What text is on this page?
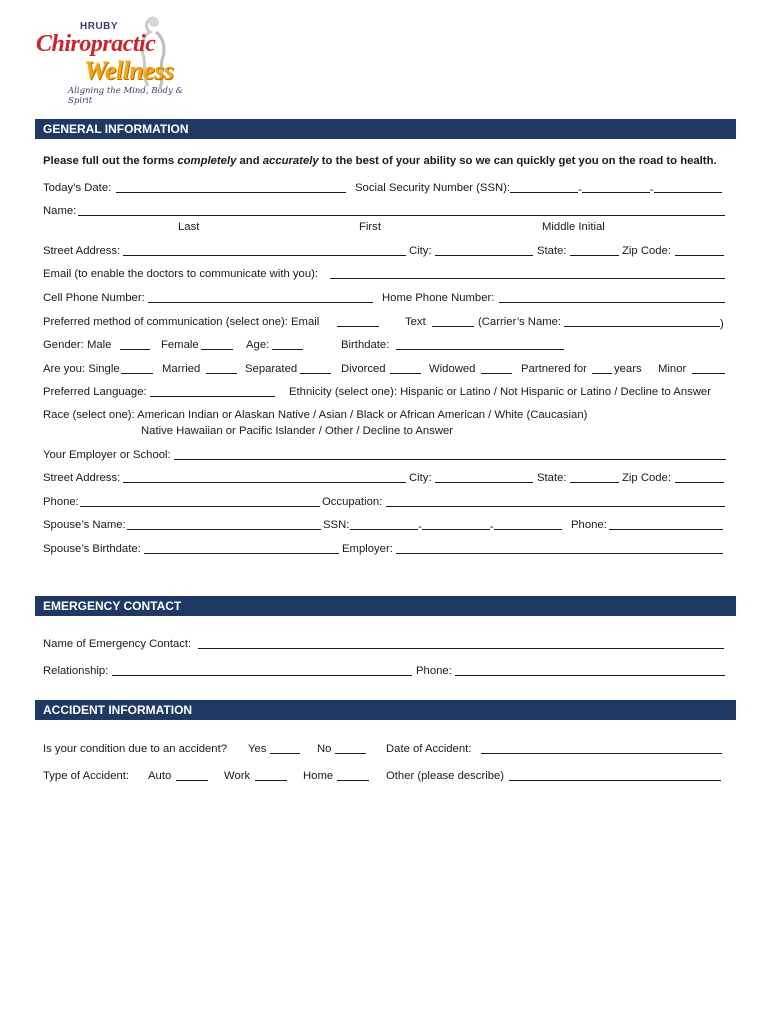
HRUBY
Chiropractic
Wellness
Aligning the Mind, Body & Spirit
GENERAL INFORMATION
Please full out the forms completely and accurately to the best of your ability so we can quickly get you on the road to health.
Today’s Date:	Social Security Number (SSN):	-	-
Name:
Last	First	Middle Initial
Street Address:	City:	State:	Zip Code:
Email (to enable the doctors to communicate with you):
Cell Phone Number:	Home Phone Number:
Preferred method of communication (select one): Email	Text	(Carrier’s Name:	)
Gender: Male	Female	Age:	Birthdate:
Are you: Single	Married	Separated	Divorced	Widowed	Partnered for years Minor
Preferred Language:	Ethnicity (select one): Hispanic or Latino / Not Hispanic or Latino / Decline to Answer
Race (select one): American Indian or Alaskan Native / Asian / Black or African American / White (Caucasian)
Native Hawaiian or Pacific Islander / Other / Decline to Answer
Your Employer or School:
Street Address:	City:	State:	Zip Code:
Phone:	Occupation:
Spouse’s Name:	SSN:	-	-	Phone:
Spouse’s Birthdate:	Employer:
EMERGENCY CONTACT
Name of Emergency Contact:
Relationship:	Phone:
ACCIDENT INFORMATION
Is your condition due to an accident? Yes	No	Date of Accident:
Type of Accident: Auto	Work	Home	Other (please describe)
